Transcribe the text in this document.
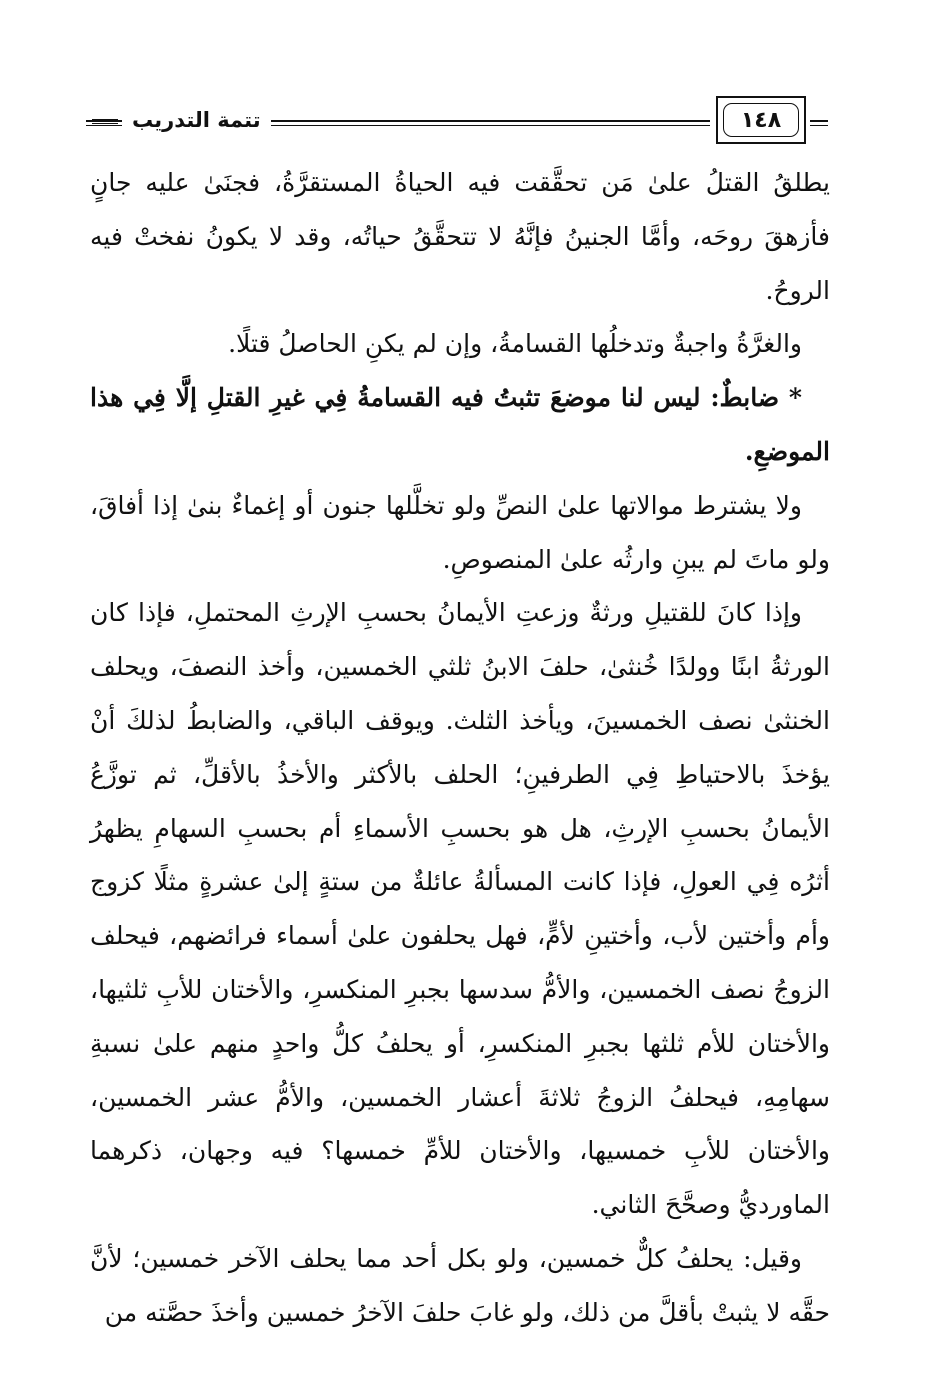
١٤٨
تتمة التدريب

يطلقُ القتلُ علىٰ مَن تحقَّقت فيه الحياةُ المستقرَّةُ، فجنَىٰ عليه جانٍ فأزهقَ روحَه، وأمَّا الجنينُ فإنَّهُ لا تتحقَّقُ حياتُه، وقد لا يكونُ نفختْ فيه الروحُ.

والغرَّةُ واجبةٌ وتدخلُها القسامةُ، وإن لم يكنِ الحاصلُ قتلًا.

* ضابطٌ: ليس لنا موضعَ تثبتُ فيه القسامةُ فِي غيرِ القتلِ إلَّا فِي هذا الموضعِ.

ولا يشترط موالاتها علىٰ النصِّ ولو تخلَّلها جنون أو إغماءٌ بنىٰ إذا أفاقَ، ولو ماتَ لم يبنِ وارثُه علىٰ المنصوصِ.

وإذا كانَ للقتيلِ ورثةٌ وزعتِ الأيمانُ بحسبِ الإرثِ المحتملِ، فإذا كان الورثةُ ابنًا وولدًا خُنثىٰ، حلفَ الابنُ ثلثي الخمسين، وأخذ النصفَ، ويحلف الخنثىٰ نصف الخمسينَ، ويأخذ الثلث. ويوقف الباقي، والضابطُ لذلكَ أنْ يؤخذَ بالاحتياطِ فِي الطرفينِ؛ الحلف بالأكثر والأخذُ بالأقلِّ، ثم توزَّعُ الأيمانُ بحسبِ الإرثِ، هل هو بحسبِ الأسماءِ أم بحسبِ السهامِ يظهرُ أثرُه فِي العولِ، فإذا كانت المسألةُ عائلةٌ من ستةٍ إلىٰ عشرةٍ مثلًا كزوج وأم وأختين لأب، وأختينِ لأمٍّ، فهل يحلفون علىٰ أسماء فرائضهم، فيحلف الزوجُ نصف الخمسين، والأمُّ سدسها بجبرِ المنكسرِ، والأختان للأبِ ثلثيها، والأختان للأم ثلثها بجبرِ المنكسرِ، أو يحلفُ كلُّ واحدٍ منهم علىٰ نسبةِ سهامِهِ، فيحلفُ الزوجُ ثلاثةَ أعشار الخمسين، والأمُّ عشر الخمسين، والأختان للأبِ خمسيها، والأختان للأمِّ خمسها؟ فيه وجهان، ذكرهما الماورديُّ وصحَّحَ الثاني.

وقيل: يحلفُ كلٌّ خمسين، ولو بكل أحد مما يحلف الآخر خمسين؛ لأنَّ حقَّه لا يثبتْ بأقلَّ من ذلك، ولو غابَ حلفَ الآخرُ خمسين وأخذَ حصَّته من
